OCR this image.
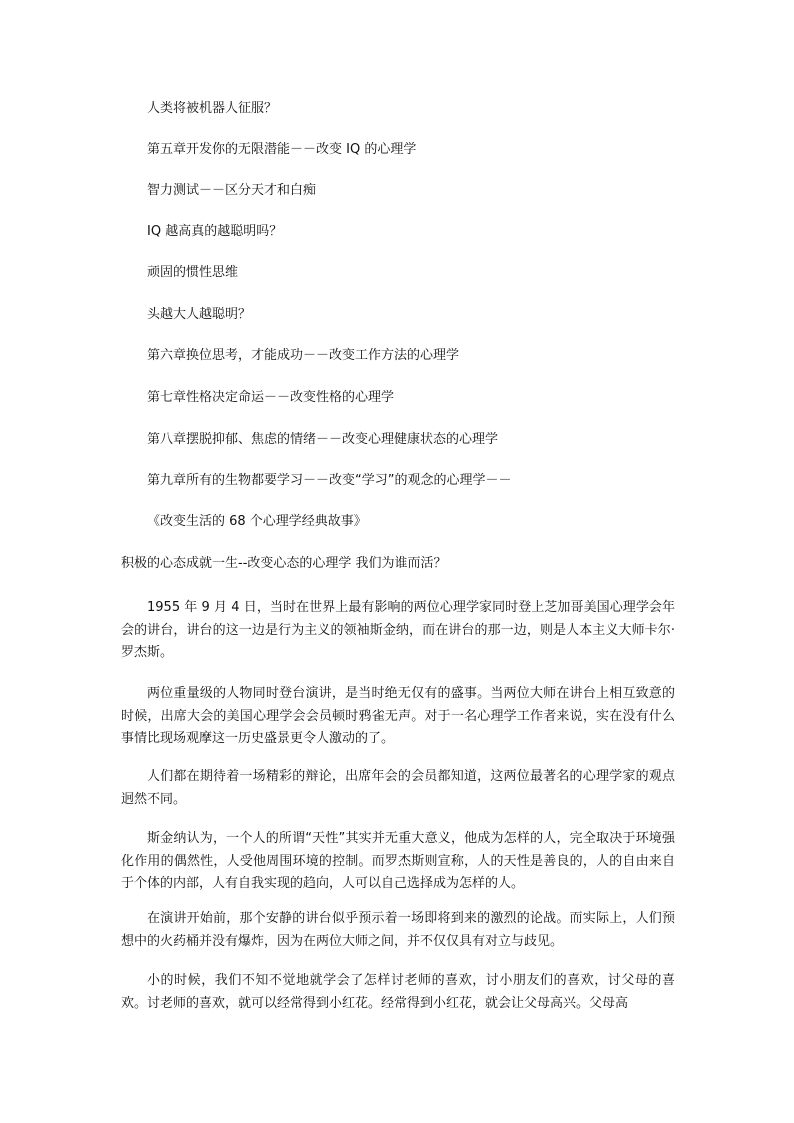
人类将被机器人征服？

第五章开发你的无限潜能－－改变 IQ 的心理学

智力测试－－区分天才和白痴

IQ 越高真的越聪明吗？

顽固的惯性思维

头越大人越聪明？

第六章换位思考，才能成功－－改变工作方法的心理学

第七章性格决定命运－－改变性格的心理学

第八章摆脱抑郁、焦虑的情绪－－改变心理健康状态的心理学

第九章所有的生物都要学习－－改变“学习”的观念的心理学－－

《改变生活的 68 个心理学经典故事》

积极的心态成就一生--改变心态的心理学 我们为谁而活？

1955 年 9 月 4 日，当时在世界上最有影响的两位心理学家同时登上芝加哥美国心理学会年会的讲台，讲台的这一边是行为主义的领袖斯金纳，而在讲台的那一边，则是人本主义大师卡尔·罗杰斯。

两位重量级的人物同时登台演讲，是当时绝无仅有的盛事。当两位大师在讲台上相互致意的时候，出席大会的美国心理学会会员顿时鸦雀无声。对于一名心理学工作者来说，实在没有什么事情比现场观摩这一历史盛景更令人激动的了。

人们都在期待着一场精彩的辩论，出席年会的会员都知道，这两位最著名的心理学家的观点迥然不同。

斯金纳认为，一个人的所谓“天性”其实并无重大意义，他成为怎样的人，完全取决于环境强化作用的偶然性，人受他周围环境的控制。而罗杰斯则宣称，人的天性是善良的，人的自由来自于个体的内部，人有自我实现的趋向，人可以自己选择成为怎样的人。

在演讲开始前，那个安静的讲台似乎预示着一场即将到来的激烈的论战。而实际上，人们预想中的火药桶并没有爆炸，因为在两位大师之间，并不仅仅具有对立与歧见。

小的时候，我们不知不觉地就学会了怎样讨老师的喜欢，讨小朋友们的喜欢，讨父母的喜欢。讨老师的喜欢，就可以经常得到小红花。经常得到小红花，就会让父母高兴。父母高
